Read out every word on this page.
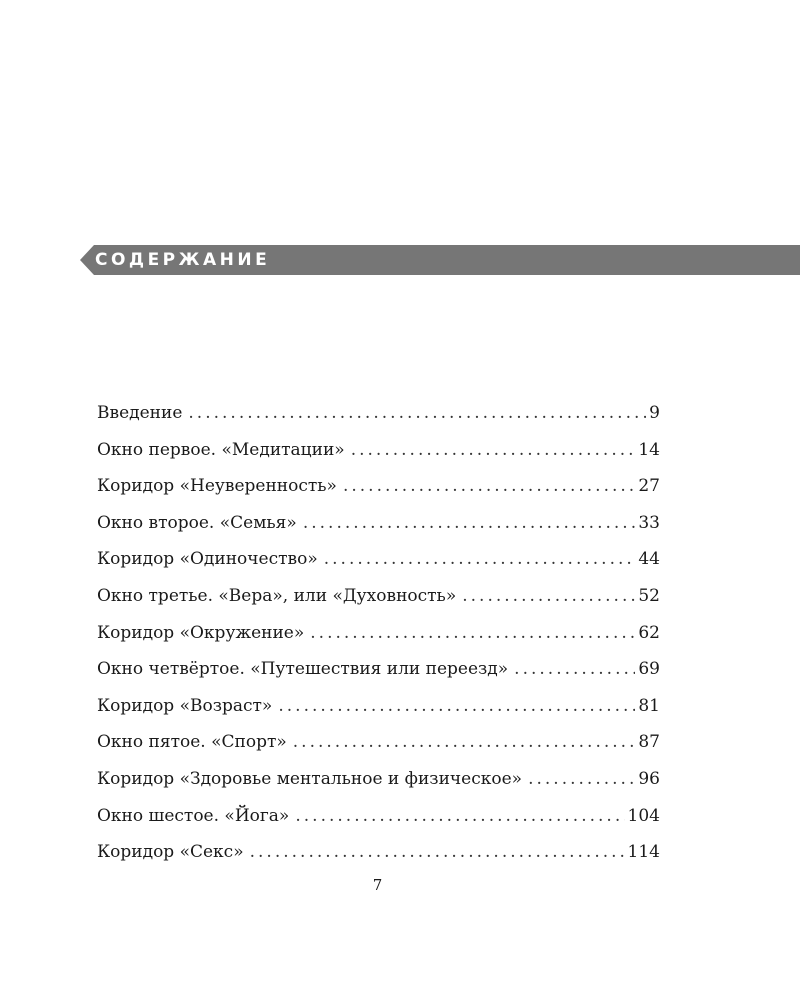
СОДЕРЖАНИЕ
Введение . . .	9
Окно первое. «Медитации» . . .	14
Коридор «Неуверенность» . . .	27
Окно второе. «Семья» . . .	33
Коридор «Одиночество» . . .	44
Окно третье. «Вера», или «Духовность» . . .	52
Коридор «Окружение» . . .	62
Окно четвёртое. «Путешествия или переезд» . . .	69
Коридор «Возраст» . . .	81
Окно пятое. «Спорт» . . .	87
Коридор «Здоровье ментальное и физическое» . . .	96
Окно шестое. «Йога» . . .	104
Коридор «Секс» . . .	114
7
